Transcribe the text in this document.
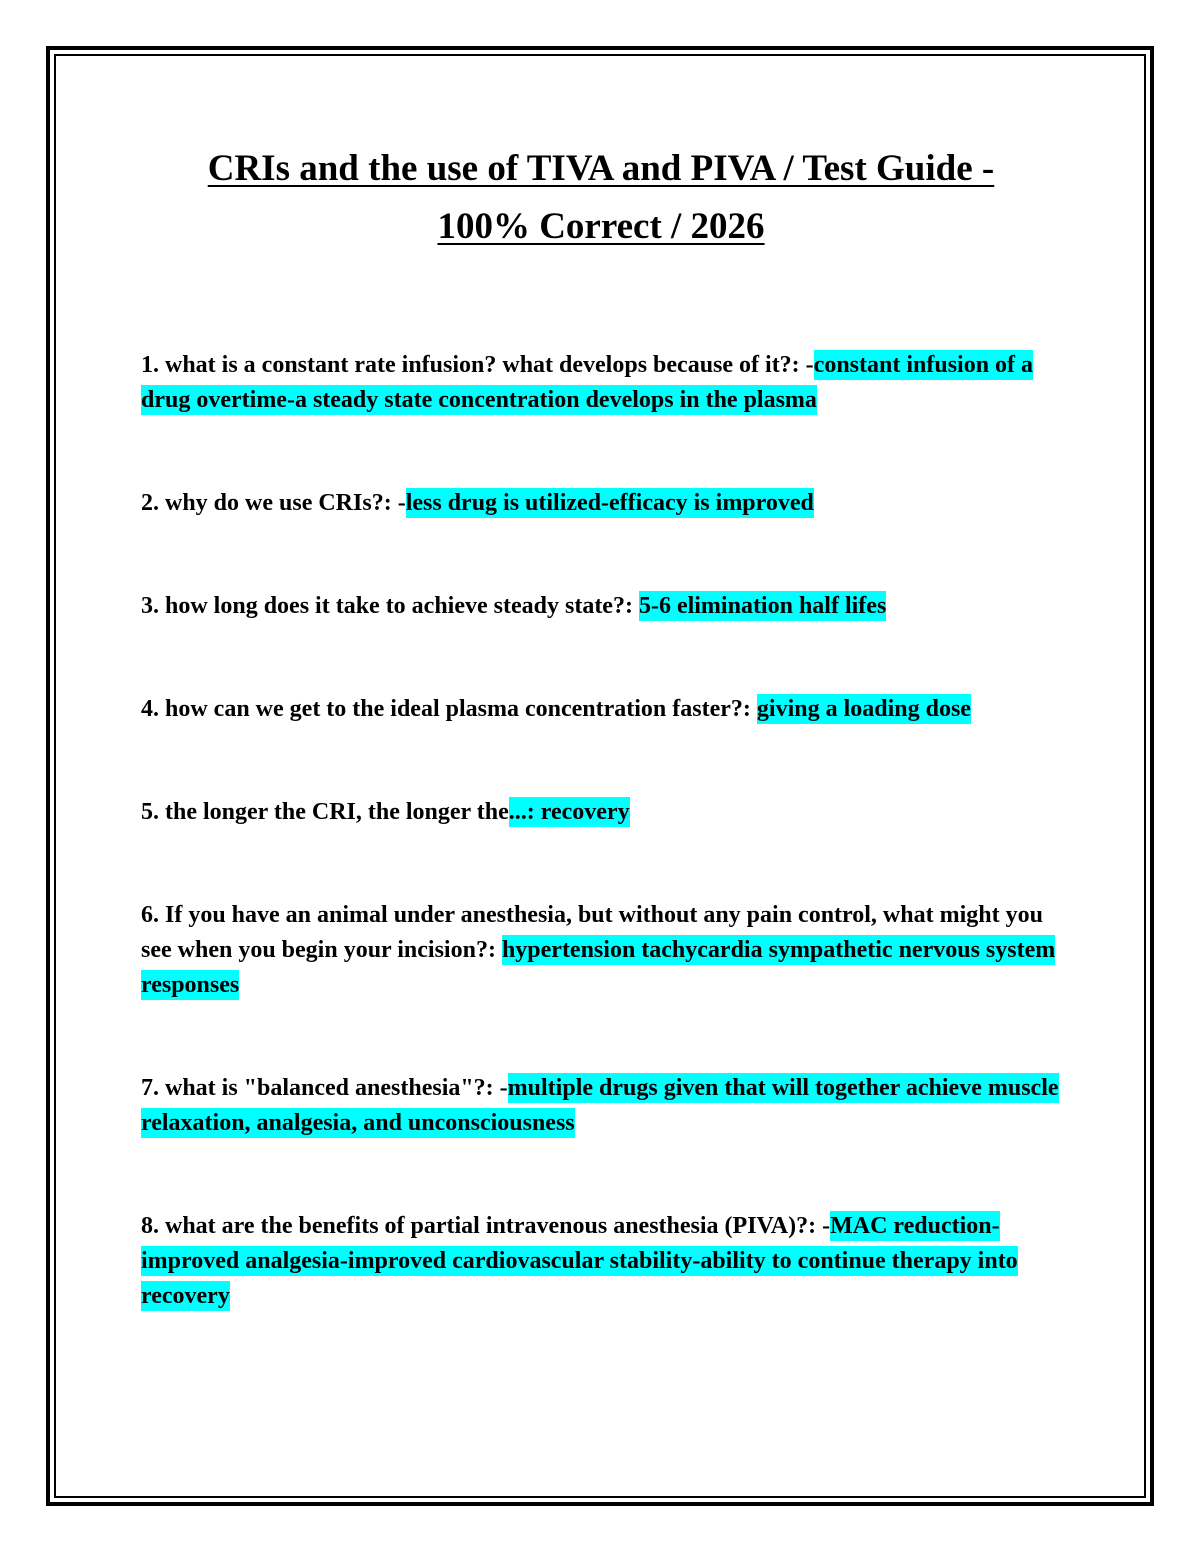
CRIs and the use of TIVA and PIVA / Test Guide -
100% Correct / 2026

1. what is a constant rate infusion? what develops because of it?: -constant infusion of a drug overtime-a steady state concentration develops in the plasma

2. why do we use CRIs?: -less drug is utilized-efficacy is improved

3. how long does it take to achieve steady state?: 5-6 elimination half lifes

4. how can we get to the ideal plasma concentration faster?: giving a loading dose

5. the longer the CRI, the longer the...: recovery

6. If you have an animal under anesthesia, but without any pain control, what might you see when you begin your incision?: hypertension tachycardia sympathetic nervous system responses

7. what is "balanced anesthesia"?: -multiple drugs given that will together achieve muscle relaxation, analgesia, and unconsciousness

8. what are the benefits of partial intravenous anesthesia (PIVA)?: -MAC reduction-improved analgesia-improved cardiovascular stability-ability to continue therapy into recovery
